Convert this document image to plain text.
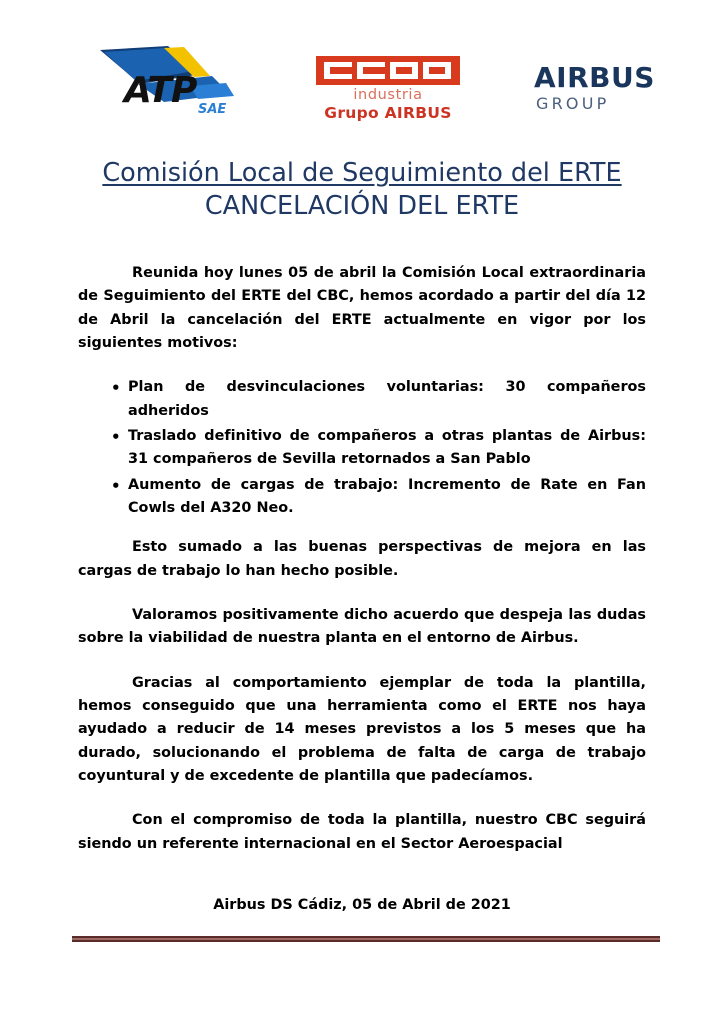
ATP SAE
industria
Grupo AIRBUS
AIRBUS
GROUP
Comisión Local de Seguimiento del ERTE
CANCELACIÓN DEL ERTE

Reunida hoy lunes 05 de abril la Comisión Local extraordinaria de Seguimiento del ERTE del CBC, hemos acordado a partir del día 12 de Abril la cancelación del ERTE actualmente en vigor por los siguientes motivos:

• Plan de desvinculaciones voluntarias: 30 compañeros adheridos
• Traslado definitivo de compañeros a otras plantas de Airbus: 31 compañeros de Sevilla retornados a San Pablo
• Aumento de cargas de trabajo: Incremento de Rate en Fan Cowls del A320 Neo.

Esto sumado a las buenas perspectivas de mejora en las cargas de trabajo lo han hecho posible.

Valoramos positivamente dicho acuerdo que despeja las dudas sobre la viabilidad de nuestra planta en el entorno de Airbus.

Gracias al comportamiento ejemplar de toda la plantilla, hemos conseguido que una herramienta como el ERTE nos haya ayudado a reducir de 14 meses previstos a los 5 meses que ha durado, solucionando el problema de falta de carga de trabajo coyuntural y de excedente de plantilla que padecíamos.

Con el compromiso de toda la plantilla, nuestro CBC seguirá siendo un referente internacional en el Sector Aeroespacial

Airbus DS Cádiz, 05 de Abril de 2021
